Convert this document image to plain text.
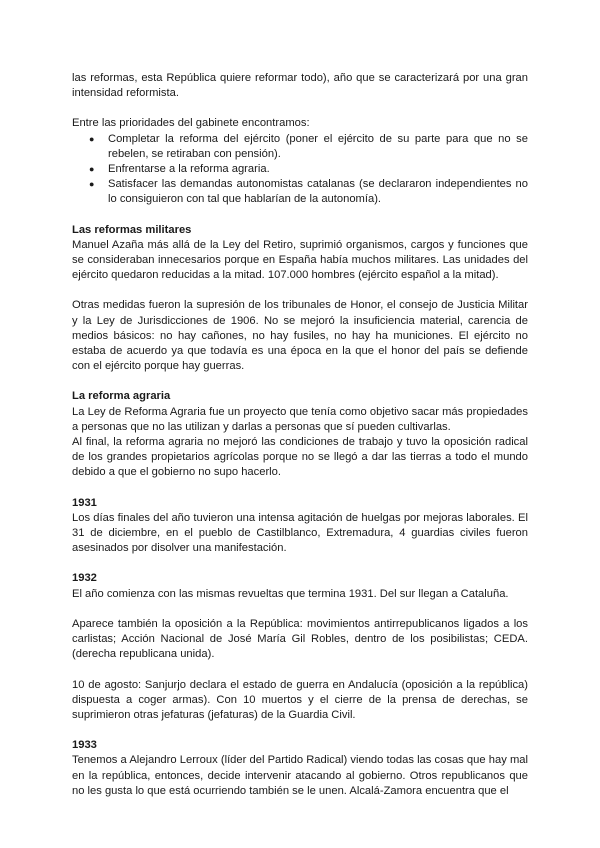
las reformas, esta República quiere reformar todo), año que se caracterizará por una gran intensidad reformista.

Entre las prioridades del gabinete encontramos:

● Completar la reforma del ejército (poner el ejército de su parte para que no se rebelen, se retiraban con pensión).
● Enfrentarse a la reforma agraria.
● Satisfacer las demandas autonomistas catalanas (se declararon independientes no lo consiguieron con tal que hablarían de la autonomía).
Las reformas militares

Manuel Azaña más allá de la Ley del Retiro, suprimió organismos, cargos y funciones que se consideraban innecesarios porque en España había muchos militares. Las unidades del ejército quedaron reducidas a la mitad. 107.000 hombres (ejército español a la mitad).

Otras medidas fueron la supresión de los tribunales de Honor, el consejo de Justicia Militar y la Ley de Jurisdicciones de 1906. No se mejoró la insuficiencia material, carencia de medios básicos: no hay cañones, no hay fusiles, no hay ha municiones. El ejército no estaba de acuerdo ya que todavía es una época en la que el honor del país se defiende con el ejército porque hay guerras.

La reforma agraria

La Ley de Reforma Agraria fue un proyecto que tenía como objetivo sacar más propiedades a personas que no las utilizan y darlas a personas que sí pueden cultivarlas.

Al final, la reforma agraria no mejoró las condiciones de trabajo y tuvo la oposición radical de los grandes propietarios agrícolas porque no se llegó a dar las tierras a todo el mundo debido a que el gobierno no supo hacerlo.

1931

Los días finales del año tuvieron una intensa agitación de huelgas por mejoras laborales. El 31 de diciembre, en el pueblo de Castilblanco, Extremadura, 4 guardias civiles fueron asesinados por disolver una manifestación.

1932

El año comienza con las mismas revueltas que termina 1931. Del sur llegan a Cataluña.

Aparece también la oposición a la República: movimientos antirrepublicanos ligados a los carlistas; Acción Nacional de José María Gil Robles, dentro de los posibilistas; CEDA. (derecha republicana unida).

10 de agosto: Sanjurjo declara el estado de guerra en Andalucía (oposición a la república) dispuesta a coger armas). Con 10 muertos y el cierre de la prensa de derechas, se suprimieron otras jefaturas (jefaturas) de la Guardia Civil.

1933

Tenemos a Alejandro Lerroux (líder del Partido Radical) viendo todas las cosas que hay mal en la república, entonces, decide intervenir atacando al gobierno. Otros republicanos que no les gusta lo que está ocurriendo también se le unen. Alcalá-Zamora encuentra que el
